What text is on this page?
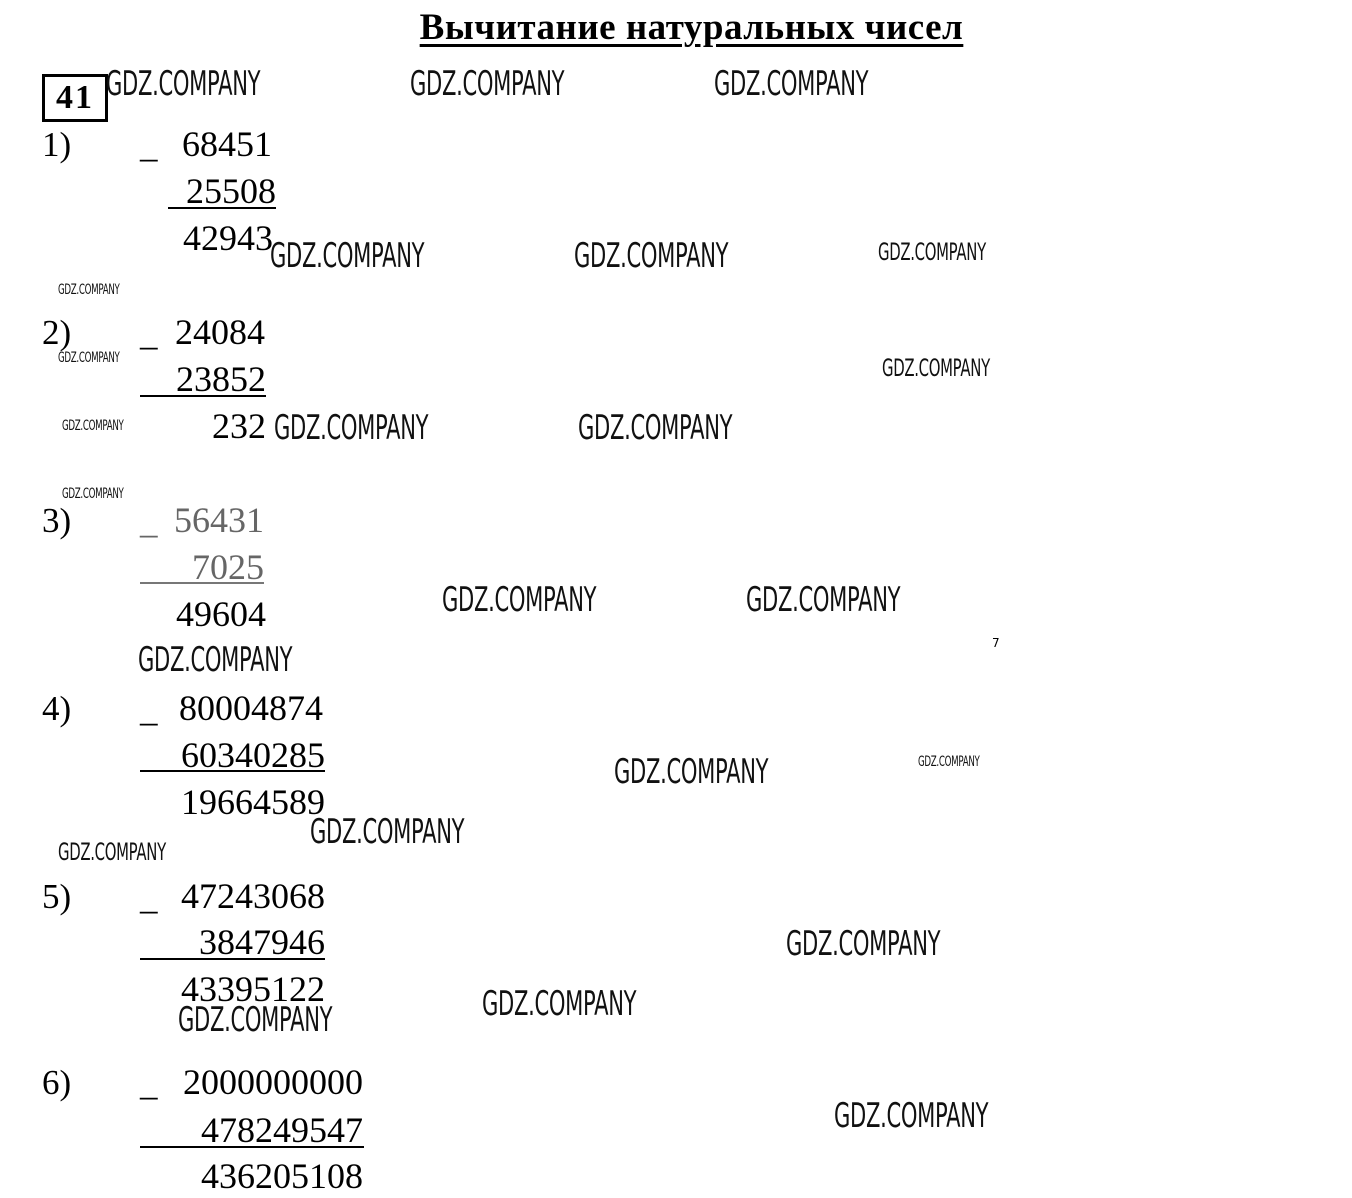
Вычитание натуральных чисел
41
1) _ 68451
25508
42943
2) _ 24084
23852
232
3) _ 56431
7025
49604
4) _ 80004874
60340285
19664589
5) _ 47243068
3847946
43395122
6) _ 2000000000
478249547
436205108
GDZ.COMPANY	GDZ.COMPANY	GDZ.COMPANY
GDZ.COMPANY	GDZ.COMPANY	GDZ.COMPANY
GDZ.COMPANY
GDZ.COMPANY	GDZ.COMPANY
GDZ.COMPANY	GDZ.COMPANY	GDZ.COMPANY
GDZ.COMPANY
GDZ.COMPANY	GDZ.COMPANY
7
GDZ.COMPANY
GDZ.COMPANY	GDZ.COMPANY
GDZ.COMPANY
GDZ.COMPANY
GDZ.COMPANY
GDZ.COMPANY
GDZ.COMPANY
GDZ.COMPANY
